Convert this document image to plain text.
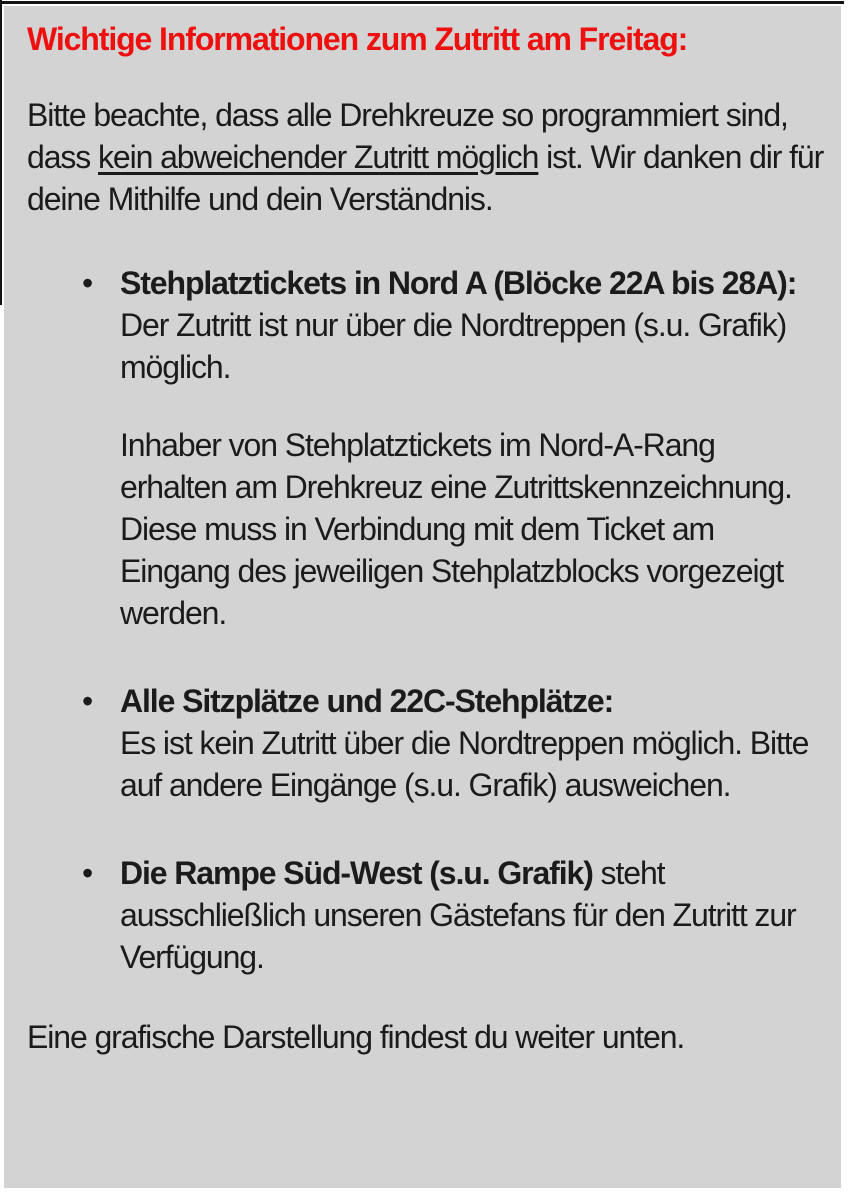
Wichtige Informationen zum Zutritt am Freitag:

Bitte beachte, dass alle Drehkreuze so programmiert sind, dass kein abweichender Zutritt möglich ist. Wir danken dir für deine Mithilfe und dein Verständnis.

• Stehplatztickets in Nord A (Blöcke 22A bis 28A):

Der Zutritt ist nur über die Nordtreppen (s.u. Grafik) möglich.

Inhaber von Stehplatztickets im Nord-A-Rang erhalten am Drehkreuz eine Zutrittskennzeichnung. Diese muss in Verbindung mit dem Ticket am Eingang des jeweiligen Stehplatzblocks vorgezeigt werden.

• Alle Sitzplätze und 22C-Stehplätze:

Es ist kein Zutritt über die Nordtreppen möglich. Bitte auf andere Eingänge (s.u. Grafik) ausweichen.

• Die Rampe Süd-West (s.u. Grafik) steht ausschließlich unseren Gästefans für den Zutritt zur Verfügung.

Eine grafische Darstellung findest du weiter unten.
